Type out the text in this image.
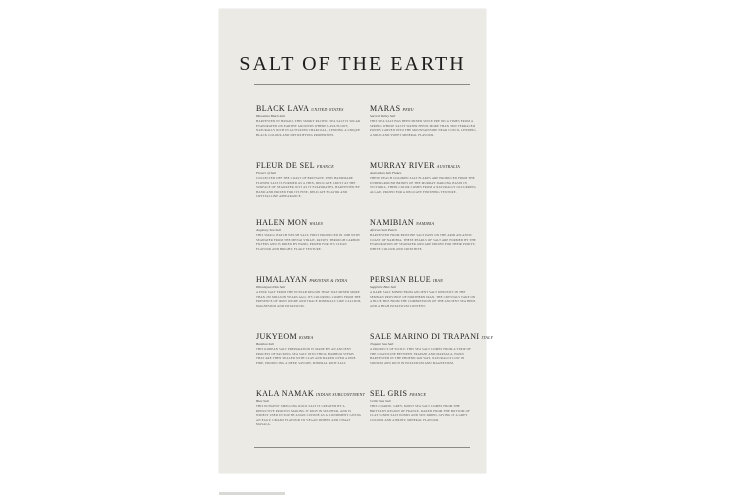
SALT OF THE EARTH
BLACK LAVA UNITED STATES
Hawaiian Black Salt
HARVESTED IN HAWAII, THIS SMOKY PACIFIC SEA SALT IS SOLAR EVAPORATED ON EARTHY GROUNDS WHERE LAVA FLOWS, NATURALLY RICH IN ACTIVATED CHARCOAL, LENDING A UNIQUE BLACK COLOUR AND DETOXIFYING PROPERTIES.
FLEUR DE SEL FRANCE
Flower of Salt
COLLECTED OFF THE COAST OF BRITTANY, THIS HANDMADE FLOWER SALT IS FORMED AS A THIN, DELICATE CRUST AT THE SURFACE OF SEAWATER JUST AS IT EVAPORATES, HARVESTED BY HAND AND PRIZED FOR ITS FINE, DELICATE FLAVOR AND CRYSTALLINE APPEARANCE.
HALEN MON WALES
Anglesey Sea Salt
THIS SMALL BATCH WELSH SALT, FIRST PRODUCED IN 1998 WITH SEAWATER FROM THE MENAI STRAIT, PASSES THROUGH CARBON FILTERS AND IS DRIED BY HAND, PRIZED FOR ITS CLEAN FLAVOUR AND BRIGHT, FLAKY TEXTURE.
HIMALAYAN PAKISTAN & INDIA
Himalayan Pink Salt
A PINK SALT FROM THE PUNJAB REGION THAT WAS MINED MORE THAN 250 MILLION YEARS AGO, ITS COLORING COMES FROM THE PRESENCE OF IRON OXIDE AND TRACE MINERALS LIKE CALCIUM, MAGNESIUM AND POTASSIUM.
JUKYEOM KOREA
Bamboo Salt
THIS KOREAN SALT PREPARATION IS MADE BY AN ANCIENT PROCESS OF PACKING SEA SALT INTO THICK BAMBOO STEMS THAT ARE THEN SEALED WITH CLAY AND BAKED OVER A PINE FIRE, PRODUCING A DEEP, SAVORY, MINERAL RICH SALT.
KALA NAMAK INDIAN SUBCONTINENT
Blac Salt
THIS PUNGENT SMELLING ROCK SALT IS CREATED BY A REDUCTIVE PROCESS MAKING IT RICH IN SULPHUR, AND IS WIDELY USED IN SOUTH ASIAN CUISINE AS A CONDIMENT GIVING AN EGGY, UMAMI FLAVOUR TO VEGAN DISHES AND CHAAT MASALA.
MARAS PERU
Sacred Valley Salt
THIS SEA SALT HAS BEEN MINED SINCE PRE INCA TIMES FROM A SPRING WHOSE SALTY WATER FEEDS MORE THAN 3000 TERRACED PONDS CARVED INTO THE MOUNTAINSIDE NEAR CUSCO, LENDING A MILD AND SWEET MINERAL FLAVOUR.
MURRAY RIVER AUSTRALIA
Australian Salt Flakes
THESE PEACH COLORED SALT FLAKES ARE PRODUCED FROM THE UNDERGROUND BRINES OF THE MURRAY DARLING BASIN IN VICTORIA, THEIR COLOR COMES FROM A NATURALLY OCCURRING ALGAE, PRIZED FOR A DELICATE FINISHING TEXTURE.
NAMIBIAN NAMIBIA
African Salt Pearls
HARVESTED FROM PRISTINE SALT PANS ON THE ARID ATLANTIC COAST OF NAMIBIA, THESE PEARLS OF SALT ARE FORMED BY THE EVAPORATION OF SEAWATER AND ARE PRIZED FOR THEIR PURITY, WHITE COLOUR AND CRISP BITE.
PERSIAN BLUE IRAN
Sapphire Blue Salt
A RARE SALT MINED FROM ANCIENT SALT DEPOSITS IN THE SEMNAN PROVINCE OF NORTHERN IRAN, THE CRYSTALS TAKE ON A BLUE HUE FROM THE COMPRESSION OF THE ANCIENT SEA BEDS AND A HIGH POTASSIUM CONTENT.
SALE MARINO DI TRAPANI ITALY
Trapani Sea Salt
A PRODUCT OF SICILY, THIS SEA SALT COMES FROM A STRIP OF THE COASTLINE BETWEEN TRAPANI AND MARSALA, HAND HARVESTED IN THE PHOENICIAN WAY, NATURALLY LOW IN SODIUM AND RICH IN POTASSIUM AND MAGNESIUM.
SEL GRIS FRANCE
Celtic Sea Salt
THIS COARSE, GREY, MOIST SEA SALT COMES FROM THE BRITTANY REGION OF FRANCE, RAKED FROM THE BOTTOM OF CLAY LINED SALT PONDS AND SUN DRIED, GIVING IT A GREY COLOUR AND A BRINY, MINERAL FLAVOUR.
